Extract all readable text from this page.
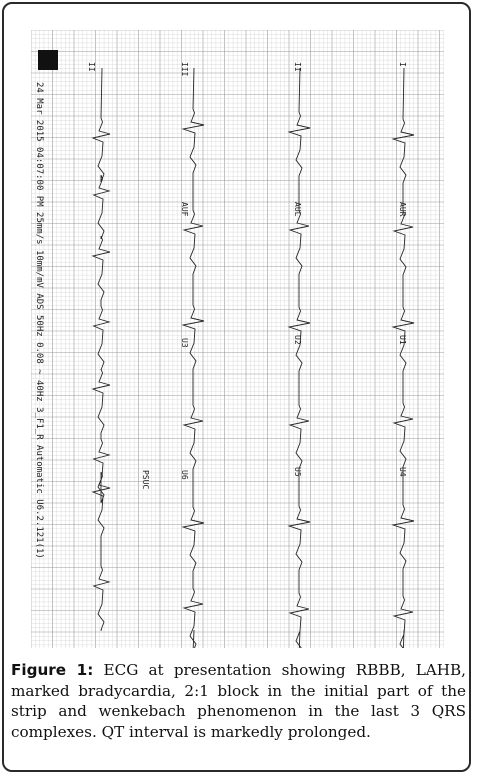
24 Mar 2015 04:07:00 PM 25mm/s 10mm/mV ADS 50Hz 0.08 ~ 40Hz 3_F1_R Automatic U6.2.121(1)
II	III	II	I
AUF	AUL	AUR
U3	U2	U1
U6	U5	U4
PSUC
Figure 1: ECG at presentation showing RBBB, LAHB, marked bradycardia, 2:1 block in the initial part of the strip and wenkebach phenomenon in the last 3 QRS complexes. QT interval is markedly prolonged.
